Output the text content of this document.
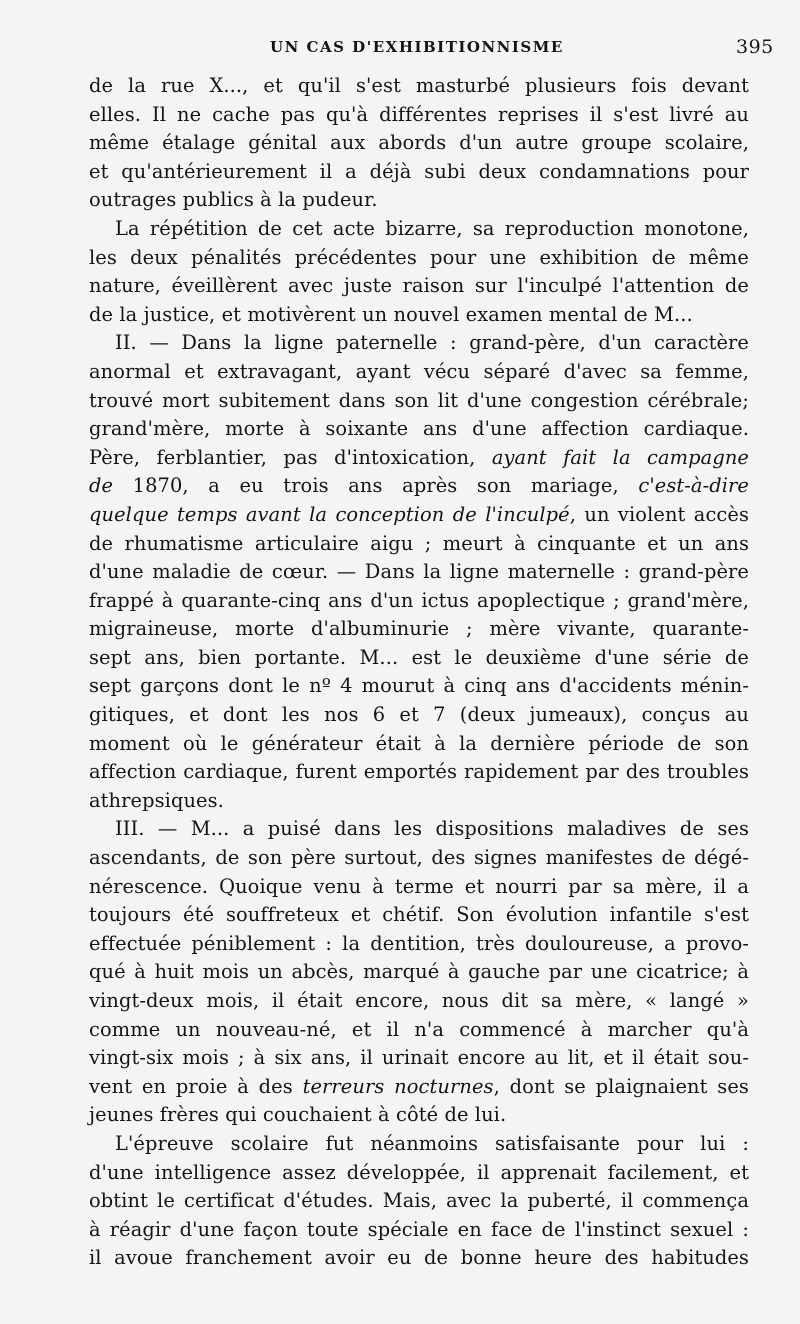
UN CAS D'EXHIBITIONNISME	395
de la rue X..., et qu'il s'est masturbé plusieurs fois devant
elles. Il ne cache pas qu'à différentes reprises il s'est livré au
même étalage génital aux abords d'un autre groupe scolaire,
et qu'antérieurement il a déjà subi deux condamnations pour
outrages publics à la pudeur.
La répétition de cet acte bizarre, sa reproduction monotone,
les deux pénalités précédentes pour une exhibition de même
nature, éveillèrent avec juste raison sur l'inculpé l'attention de
de la justice, et motivèrent un nouvel examen mental de M...
II. — Dans la ligne paternelle : grand-père, d'un caractère
anormal et extravagant, ayant vécu séparé d'avec sa femme,
trouvé mort subitement dans son lit d'une congestion cérébrale;
grand'mère, morte à soixante ans d'une affection cardiaque.
Père, ferblantier, pas d'intoxication, ayant fait la campagne
de 1870, a eu trois ans après son mariage, c'est-à-dire
quelque temps avant la conception de l'inculpé, un violent accès
de rhumatisme articulaire aigu ; meurt à cinquante et un ans
d'une maladie de cœur. — Dans la ligne maternelle : grand-père
frappé à quarante-cinq ans d'un ictus apoplectique ; grand'mère,
migraineuse, morte d'albuminurie ; mère vivante, quarante-
sept ans, bien portante. M... est le deuxième d'une série de
sept garçons dont le nº 4 mourut à cinq ans d'accidents ménin-
gitiques, et dont les nos 6 et 7 (deux jumeaux), conçus au
moment où le générateur était à la dernière période de son
affection cardiaque, furent emportés rapidement par des troubles
athrepsiques.
III. — M... a puisé dans les dispositions maladives de ses
ascendants, de son père surtout, des signes manifestes de dégé-
nérescence. Quoique venu à terme et nourri par sa mère, il a
toujours été souffreteux et chétif. Son évolution infantile s'est
effectuée péniblement : la dentition, très douloureuse, a provo-
qué à huit mois un abcès, marqué à gauche par une cicatrice; à
vingt-deux mois, il était encore, nous dit sa mère, « langé »
comme un nouveau-né, et il n'a commencé à marcher qu'à
vingt-six mois ; à six ans, il urinait encore au lit, et il était sou-
vent en proie à des terreurs nocturnes, dont se plaignaient ses
jeunes frères qui couchaient à côté de lui.
L'épreuve scolaire fut néanmoins satisfaisante pour lui :
d'une intelligence assez développée, il apprenait facilement, et
obtint le certificat d'études. Mais, avec la puberté, il commença
à réagir d'une façon toute spéciale en face de l'instinct sexuel :
il avoue franchement avoir eu de bonne heure des habitudes
